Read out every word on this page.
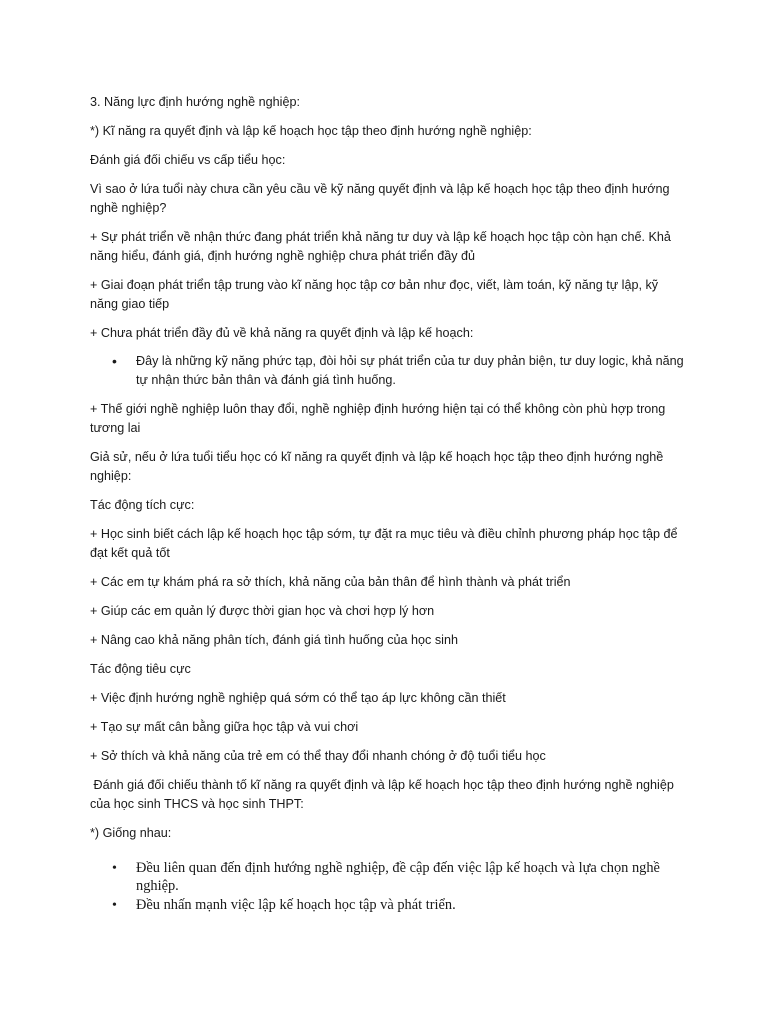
3. Năng lực định hướng nghề nghiệp:

*) Kĩ năng ra quyết định và lập kế hoạch học tập theo định hướng nghề nghiệp:

Đánh giá đối chiếu vs cấp tiểu học:

Vì sao ở lứa tuổi này chưa cần yêu cầu về kỹ năng quyết định và lập kế hoạch học tập theo định hướng nghề nghiệp?

+ Sự phát triển về nhận thức đang phát triển khả năng tư duy và lập kế hoạch học tập còn hạn chế. Khả năng hiểu, đánh giá, định hướng nghề nghiệp chưa phát triển đầy đủ

+ Giai đoạn phát triển tập trung vào kĩ năng học tập cơ bản như đọc, viết, làm toán, kỹ năng tự lập, kỹ năng giao tiếp

+ Chưa phát triển đầy đủ về khả năng ra quyết định và lập kế hoạch:

• Đây là những kỹ năng phức tạp, đòi hỏi sự phát triển của tư duy phản biện, tư duy logic, khả năng tự nhận thức bản thân và đánh giá tình huống.

+ Thế giới nghề nghiệp luôn thay đổi, nghề nghiệp định hướng hiện tại có thể không còn phù hợp trong tương lai

Giả sử, nếu ở lứa tuổi tiểu học có kĩ năng ra quyết định và lập kế hoạch học tập theo định hướng nghề nghiệp:

Tác động tích cực:

+ Học sinh biết cách lập kế hoạch học tập sớm, tự đặt ra mục tiêu và điều chỉnh phương pháp học tập để đạt kết quả tốt

+ Các em tự khám phá ra sở thích, khả năng của bản thân để hình thành và phát triển

+ Giúp các em quản lý được thời gian học và chơi hợp lý hơn

+ Nâng cao khả năng phân tích, đánh giá tình huống của học sinh

Tác động tiêu cực

+ Việc định hướng nghề nghiệp quá sớm có thể tạo áp lực không cần thiết

+ Tạo sự mất cân bằng giữa học tập và vui chơi

+ Sở thích và khả năng của trẻ em có thể thay đổi nhanh chóng ở độ tuổi tiểu học

Đánh giá đối chiếu thành tố kĩ năng ra quyết định và lập kế hoạch học tập theo định hướng nghề nghiệp của học sinh THCS và học sinh THPT:

*) Giống nhau:

• Đều liên quan đến định hướng nghề nghiệp, đề cập đến việc lập kế hoạch và lựa chọn nghề nghiệp.
• Đều nhấn mạnh việc lập kế hoạch học tập và phát triển.
